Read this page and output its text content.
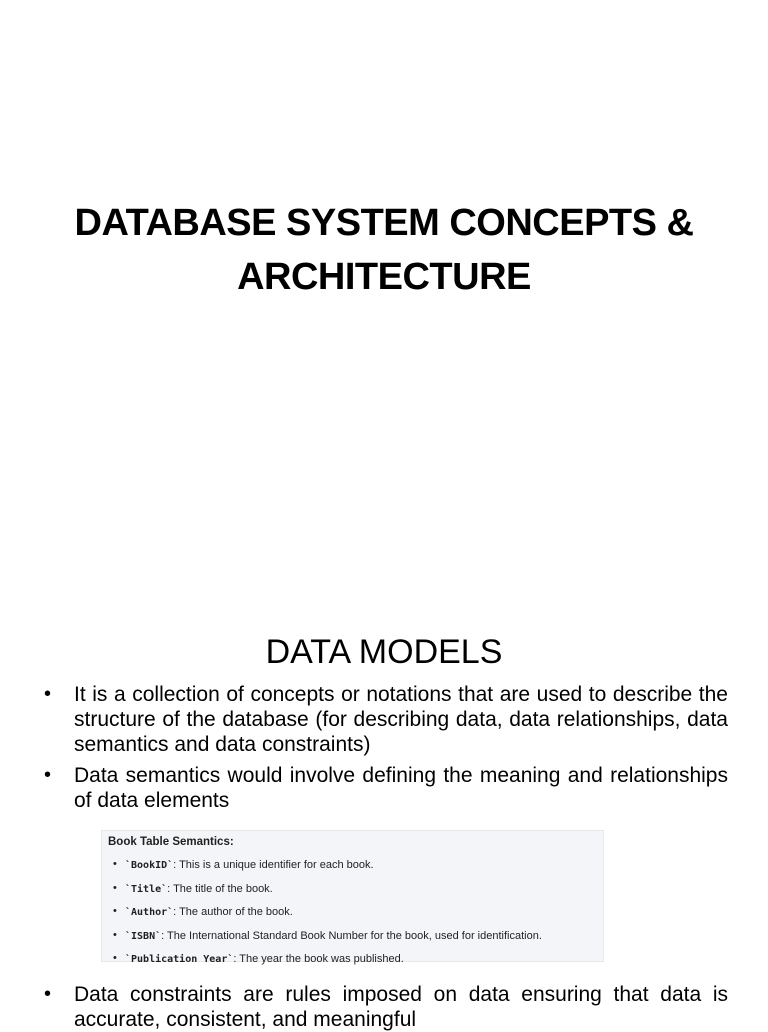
DATABASE SYSTEM CONCEPTS &
ARCHITECTURE
DATA MODELS
•	It is a collection of concepts or notations that are used to describe the structure of the database (for describing data, data relationships, data semantics and data constraints)
•	Data semantics would involve defining the meaning and relationships of data elements
•	Data constraints are rules imposed on data ensuring that data is accurate, consistent, and meaningful
Book Table Semantics:
• `BookID`: This is a unique identifier for each book.
• `Title`: The title of the book.
• `Author`: The author of the book.
• `ISBN`: The International Standard Book Number for the book, used for identification.
• `Publication Year`: The year the book was published.
